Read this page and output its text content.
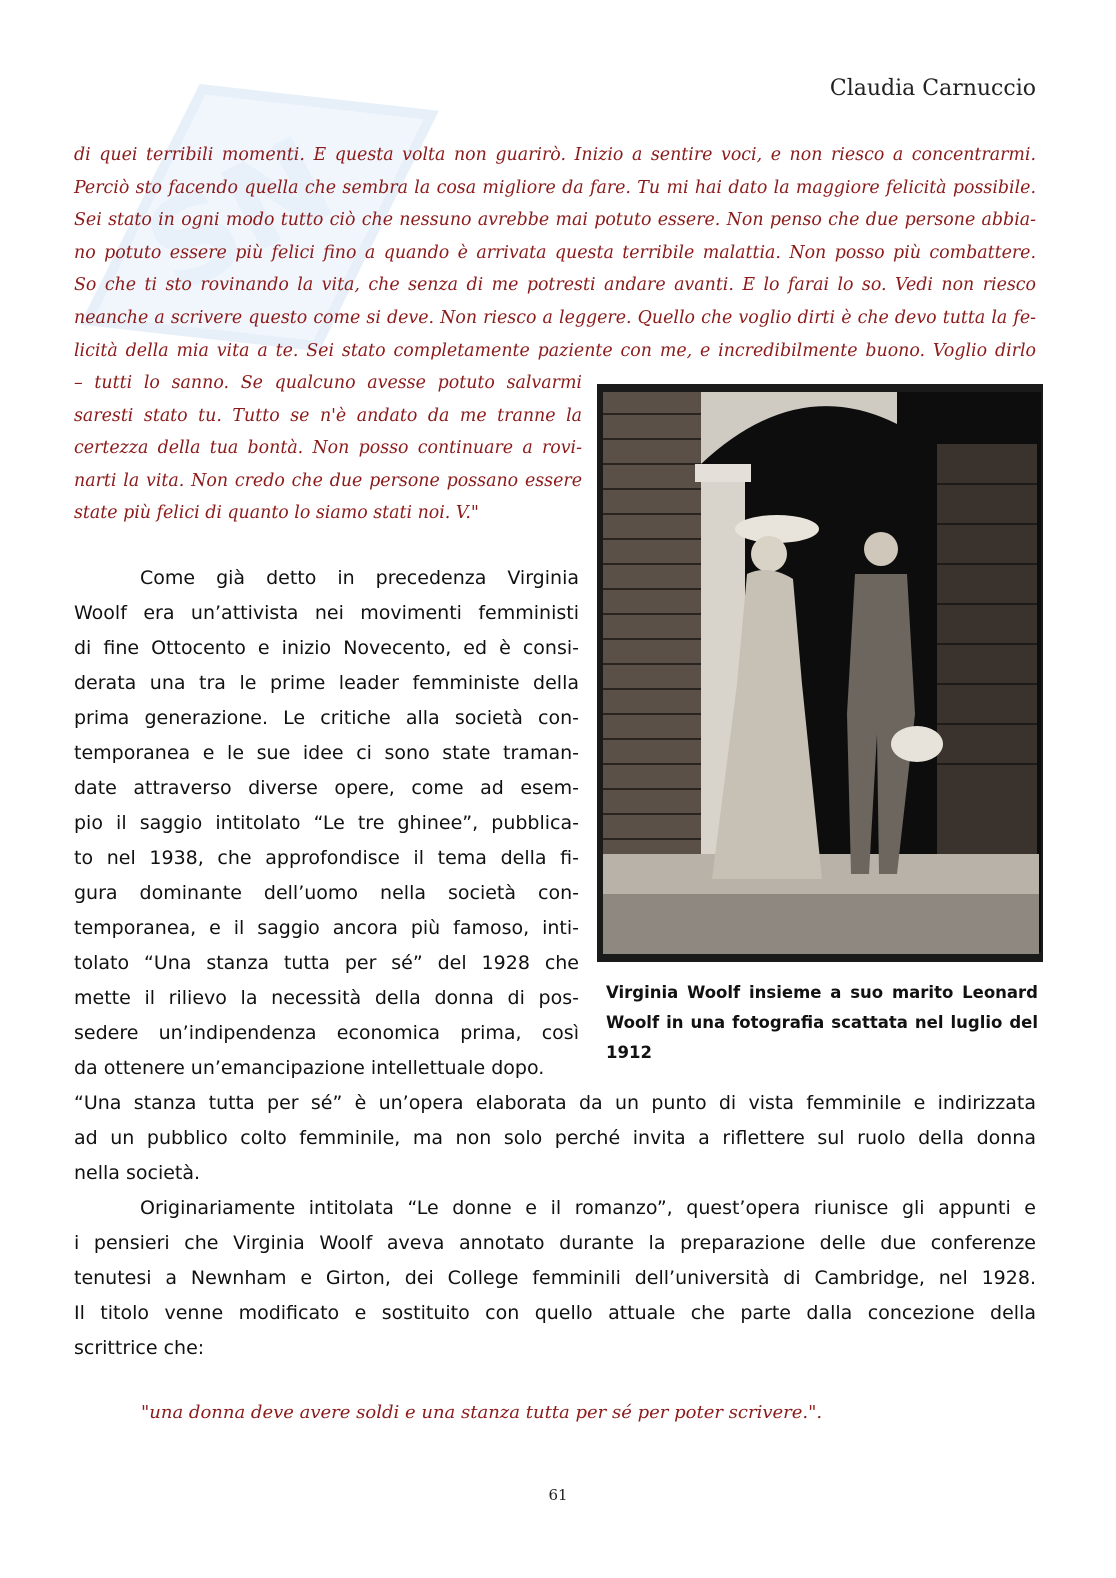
SN
Claudia Carnuccio
di quei terribili momenti. E questa volta non guarirò. Inizio a sentire voci, e non riesco a concentrarmi.
Perciò sto facendo quella che sembra la cosa migliore da fare. Tu mi hai dato la maggiore felicità possibile.
Sei stato in ogni modo tutto ciò che nessuno avrebbe mai potuto essere. Non penso che due persone abbia-
no potuto essere più felici fino a quando è arrivata questa terribile malattia. Non posso più combattere.
So che ti sto rovinando la vita, che senza di me potresti andare avanti. E lo farai lo so. Vedi non riesco
neanche a scrivere questo come si deve. Non riesco a leggere. Quello che voglio dirti è che devo tutta la fe-
licità della mia vita a te. Sei stato completamente paziente con me, e incredibilmente buono. Voglio dirlo
– tutti lo sanno. Se qualcuno avesse potuto salvarmi
saresti stato tu. Tutto se n'è andato da me tranne la
certezza della tua bontà. Non posso continuare a rovi-
narti la vita. Non credo che due persone possano essere
state più felici di quanto lo siamo stati noi. V."
Virginia Woolf insieme a suo marito Leonard
Woolf in una fotografia scattata nel luglio del
1912
Come già detto in precedenza Virginia
Woolf era un’attivista nei movimenti femministi
di fine Ottocento e inizio Novecento, ed è consi-
derata una tra le prime leader femministe della
prima generazione. Le critiche alla società con-
temporanea e le sue idee ci sono state traman-
date attraverso diverse opere, come ad esem-
pio il saggio intitolato “Le tre ghinee”, pubblica-
to nel 1938, che approfondisce il tema della fi-
gura dominante dell’uomo nella società con-
temporanea, e il saggio ancora più famoso, inti-
tolato “Una stanza tutta per sé” del 1928 che
mette il rilievo la necessità della donna di pos-
sedere un’indipendenza economica prima, così
da ottenere un’emancipazione intellettuale dopo.
“Una stanza tutta per sé” è un’opera elaborata da un punto di vista femminile e indirizzata
ad un pubblico colto femminile, ma non solo perché invita a riflettere sul ruolo della donna
nella società.
Originariamente intitolata “Le donne e il romanzo”, quest’opera riunisce gli appunti e
i pensieri che Virginia Woolf aveva annotato durante la preparazione delle due conferenze
tenutesi a Newnham e Girton, dei College femminili dell’università di Cambridge, nel 1928.
Il titolo venne modificato e sostituito con quello attuale che parte dalla concezione della
scrittrice che:
"una donna deve avere soldi e una stanza tutta per sé per poter scrivere.".
61
